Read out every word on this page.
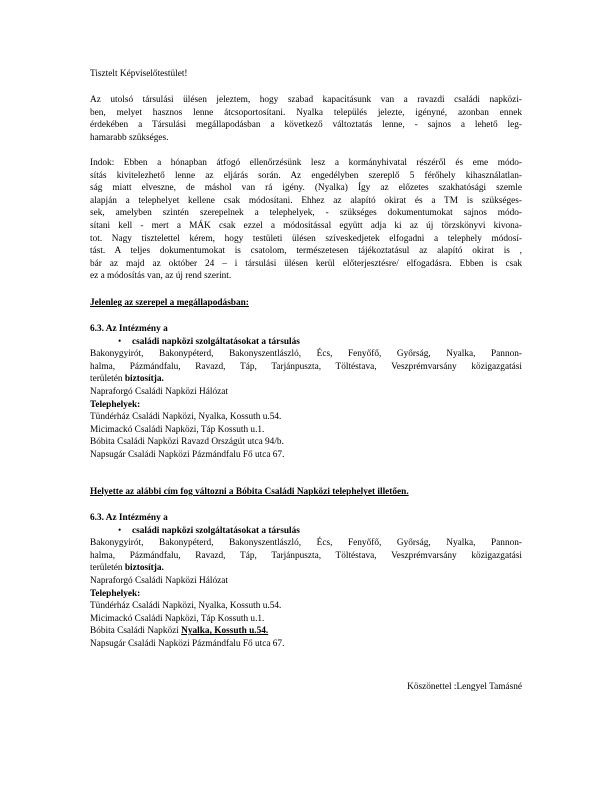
Tisztelt Képviselőtestület!

Az utolsó társulási ülésen jeleztem, hogy szabad kapacitásunk van a ravazdi családi napközi-
ben, melyet hasznos lenne átcsoportosítani. Nyalka település jelezte, igényné, azonban ennek
érdekében a Társulási megállapodásban a következő változtatás lenne, - sajnos a lehető leg-
hamarabb szükséges.
Indok: Ebben a hónapban átfogó ellenőrzésünk lesz a kormányhivatal részéről és eme módo-
sítás kivitelezhető lenne az eljárás során. Az engedélyben szereplő 5 férőhely kihasználatlan-
ság miatt elveszne, de máshol van rá igény. (Nyalka) Így az előzetes szakhatósági szemle
alapján a telephelyet kellene csak módosítani. Ehhez az alapító okirat és a TM is szükséges-
sek, amelyben szintén szerepelnek a telephelyek, - szükséges dokumentumokat sajnos módo-
sítani kell - mert a MÁK csak ezzel a módosítással együtt adja ki az új törzskönyvi kivona-
tot. Nagy tisztelettel kérem, hogy testületi ülésen szíveskedjetek elfogadni a telephely módosí-
tást. A teljes dokumentumokat is csatolom, természetesen tájékoztatásul az alapító okirat is ,
bár az majd az október 24 – i társulási ülésen kerül előterjesztésre/ elfogadásra. Ebben is csak
ez a módosítás van, az új rend szerint.

Jelenleg az szerepel a megállapodásban:

6.3. Az Intézmény a
• családi napközi szolgáltatásokat a társulás
Bakonygyirót, Bakonypéterd, Bakonyszentlászló, Écs, Fenyőfő, Győrság, Nyalka, Pannon-
halma, Pázmándfalu, Ravazd, Táp, Tarjánpuszta, Töltéstava, Veszprémvarsány közigazgatási
területén biztosítja.
Napraforgó Családi Napközi Hálózat
Telephelyek:
Tündérház Családi Napközi, Nyalka, Kossuth u.54.
Micimackó Családi Napközi, Táp Kossuth u.1.
Bóbita Családi Napközi Ravazd Országút utca 94/b.
Napsugár Családi Napközi Pázmándfalu Fő utca 67.

Helyette az alábbi cím fog változni a Bóbita Családi Napközi telephelyet illetően.

6.3. Az Intézmény a
• családi napközi szolgáltatásokat a társulás
Bakonygyirót, Bakonypéterd, Bakonyszentlászló, Écs, Fenyőfő, Győrság, Nyalka, Pannon-
halma, Pázmándfalu, Ravazd, Táp, Tarjánpuszta, Töltéstava, Veszprémvarsány közigazgatási
területén biztosítja.
Napraforgó Családi Napközi Hálózat
Telephelyek:
Tündérház Családi Napközi, Nyalka, Kossuth u.54.
Micimackó Családi Napközi, Táp Kossuth u.1.
Bóbita Családi Napközi Nyalka, Kossuth u.54.
Napsugár Családi Napközi Pázmándfalu Fő utca 67.

Köszönettel :Lengyel Tamásné
